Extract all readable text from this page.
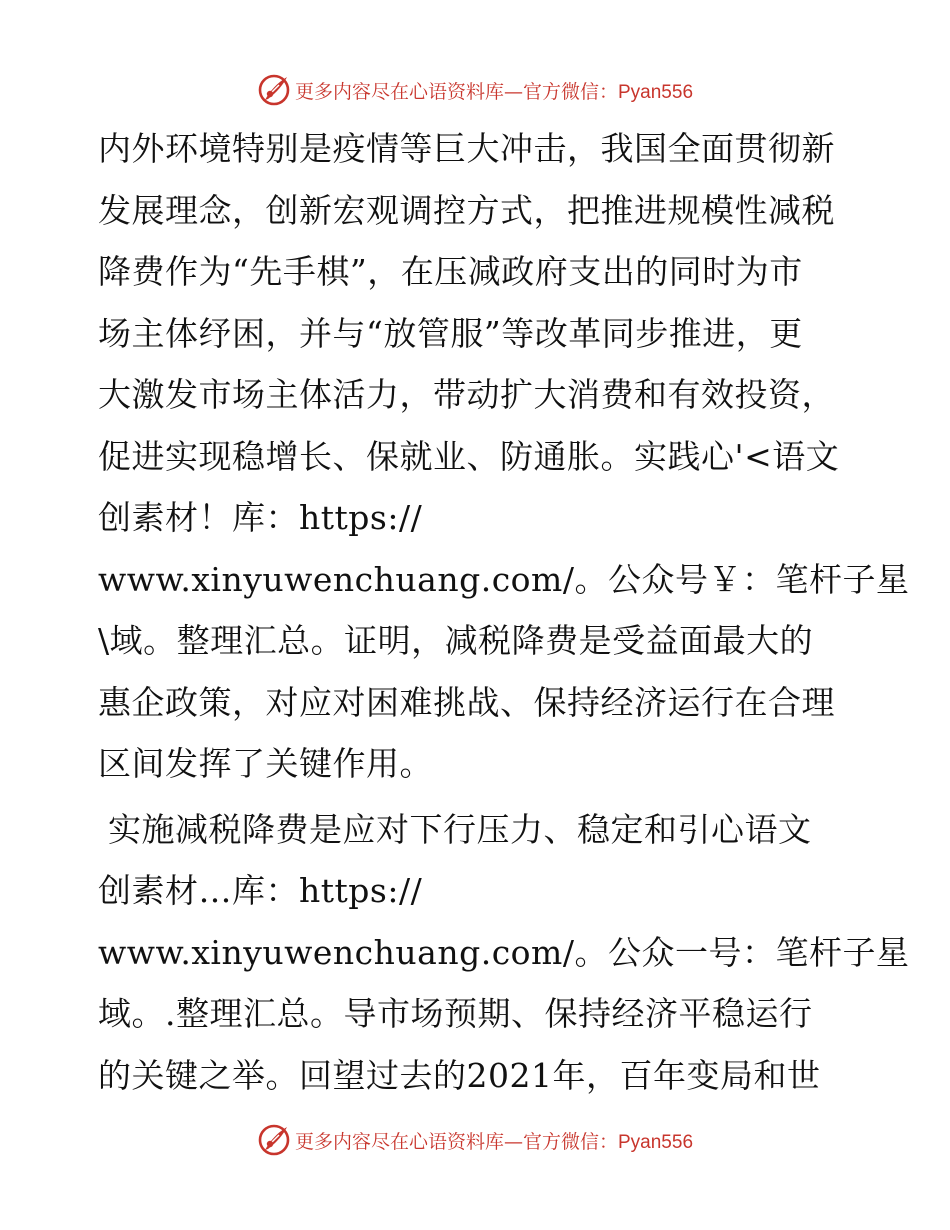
更多内容尽在心语资料库—官方微信：Pyan556
内外环境特别是疫情等巨大冲击，我国全面贯彻新
发展理念，创新宏观调控方式，把推进规模性减税
降费作为“先手棋”，在压减政府支出的同时为市
场主体纾困，并与“放管服”等改革同步推进，更
大激发市场主体活力，带动扩大消费和有效投资，
促进实现稳增长、保就业、防通胀。实践心'<语文
创素材！库：https://
www.xinyuwenchuang.com/。公众号￥：笔杆子星
\域。整理汇总。证明，减税降费是受益面最大的
惠企政策，对应对困难挑战、保持经济运行在合理
区间发挥了关键作用。
实施减税降费是应对下行压力、稳定和引心语文
创素材…库：https://
www.xinyuwenchuang.com/。公众一号：笔杆子星
域。.整理汇总。导市场预期、保持经济平稳运行
的关键之举。回望过去的2021年，百年变局和世
更多内容尽在心语资料库—官方微信：Pyan556
